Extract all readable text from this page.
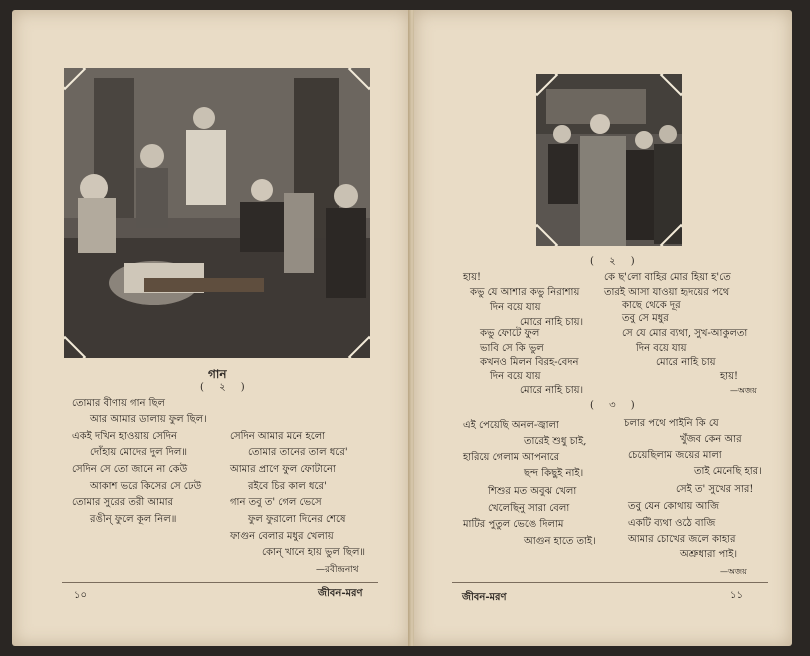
গান
( ২ )
তোমার বীণায় গান ছিল
আর আমার ডালায় ফুল ছিল।
একই দখিন হাওয়ায় সেদিন
দোঁহায় মোদের দুল দিল॥
সেদিন সে তো জানে না কেউ
আকাশ ভরে কিসের সে ঢেউ
তোমার সুরের তরী আমার
রঙীন্ ফুলে কূল নিল॥
সেদিন আমার মনে হলো
তোমার তানের তাল ধরে'
আমার প্রাণে ফুল ফোটানো
রইবে চির কাল ধরে'
গান তবু ত' গেল ভেসে
ফুল ফুরালো দিনের শেষে
ফাগুন বেলার মধুর খেলায়
কোন্ খানে হায় ভুল ছিল॥
—রবীন্দ্রনাথ
১০	জীবন-মরণ
( ২ )
হায়!
কভু যে আশার কভু নিরাশায়
দিন বয়ে যায়
মোরে নাহি চায়।
কভু ফোটে ফুল
ভাবি সে কি ভুল
কখনও মিলন বিরহ-বেদন
দিন বয়ে যায়
মোরে নাহি চায়।
কে ছ'লো বাহির মোর হিয়া হ'তে
তারই আসা যাওয়া হৃদয়ের পথে
কাছে থেকে দূর
তবু সে মধুর
সে যে মোর ব্যথা, সুখ-আকুলতা
দিন বয়ে যায়
মোরে নাহি চায়
হায়!
—অজয়
( ৩ )
এই পেয়েছি অনল-জ্বালা
তারেই শুধু চাই,
হারিয়ে গেলাম আপনারে
ছন্দ কিছুই নাই।
শিশুর মত অবুঝ খেলা
খেলেছিনু সারা বেলা
মাটির পুতুল ভেঙে দিলাম
আগুন হাতে তাই।
চলার পথে পাইনি কি যে
খুঁজব কেন আর
চেয়েছিলাম জয়ের মালা
তাই মেনেছি হার।
সেই ত' সুখের সার!
তবু যেন কোথায় আজি
একটি ব্যথা ওঠে বাজি
আমার চোখের জলে কাহার
অশ্রুধারা পাই।
—অজয়
জীবন-মরণ	১১
